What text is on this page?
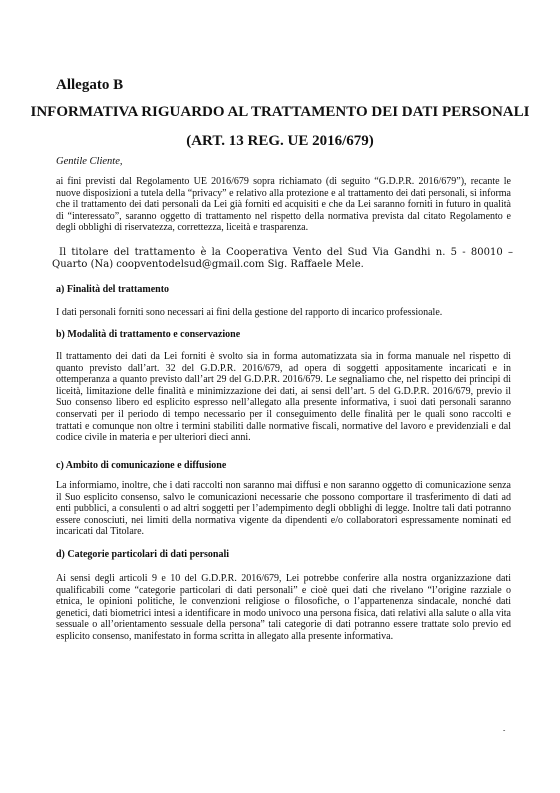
Allegato B
INFORMATIVA RIGUARDO AL TRATTAMENTO DEI DATI PERSONALI
(ART. 13 REG. UE 2016/679)
Gentile Cliente,

ai fini previsti dal Regolamento UE 2016/679 sopra richiamato (di seguito “G.D.P.R. 2016/679”), recante le nuove disposizioni a tutela della “privacy” e relativo alla protezione e al trattamento dei dati personali, si informa che il trattamento dei dati personali da Lei già forniti ed acquisiti e che da Lei saranno forniti in futuro in qualità di “interessato”, saranno oggetto di trattamento nel rispetto della normativa prevista dal citato Regolamento e degli obblighi di riservatezza, correttezza, liceità e trasparenza.

Il titolare del trattamento è la Cooperativa Vento del Sud Via Gandhi n. 5 - 80010 – Quarto (Na) coopventodelsud@gmail.com Sig. Raffaele Mele.

a) Finalità del trattamento

I dati personali forniti sono necessari ai fini della gestione del rapporto di incarico professionale.

b) Modalità di trattamento e conservazione

Il trattamento dei dati da Lei forniti è svolto sia in forma automatizzata sia in forma manuale nel rispetto di quanto previsto dall’art. 32 del G.D.P.R. 2016/679, ad opera di soggetti appositamente incaricati e in ottemperanza a quanto previsto dall’art 29 del G.D.P.R. 2016/679. Le segnaliamo che, nel rispetto dei principi di liceità, limitazione delle finalità e minimizzazione dei dati, ai sensi dell’art. 5 del G.D.P.R. 2016/679, previo il Suo consenso libero ed esplicito espresso nell’allegato alla presente informativa, i suoi dati personali saranno conservati per il periodo di tempo necessario per il conseguimento delle finalità per le quali sono raccolti e trattati e comunque non oltre i termini stabiliti dalle normative fiscali, normative del lavoro e previdenziali e dal codice civile in materia e per ulteriori dieci anni.

c) Ambito di comunicazione e diffusione

La informiamo, inoltre, che i dati raccolti non saranno mai diffusi e non saranno oggetto di comunicazione senza il Suo esplicito consenso, salvo le comunicazioni necessarie che possono comportare il trasferimento di dati ad enti pubblici, a consulenti o ad altri soggetti per l’adempimento degli obblighi di legge. Inoltre tali dati potranno essere conosciuti, nei limiti della normativa vigente da dipendenti e/o collaboratori espressamente nominati ed incaricati dal Titolare.

d) Categorie particolari di dati personali

Ai sensi degli articoli 9 e 10 del G.D.P.R. 2016/679, Lei potrebbe conferire alla nostra organizzazione dati qualificabili come “categorie particolari di dati personali” e cioè quei dati che rivelano “l’origine razziale o etnica, le opinioni politiche, le convenzioni religiose o filosofiche, o l’appartenenza sindacale, nonché dati genetici, dati biometrici intesi a identificare in modo univoco una persona fisica, dati relativi alla salute o alla vita sessuale o all’orientamento sessuale della persona” tali categorie di dati potranno essere trattate solo previo ed esplicito consenso, manifestato in forma scritta in allegato alla presente informativa.

-
